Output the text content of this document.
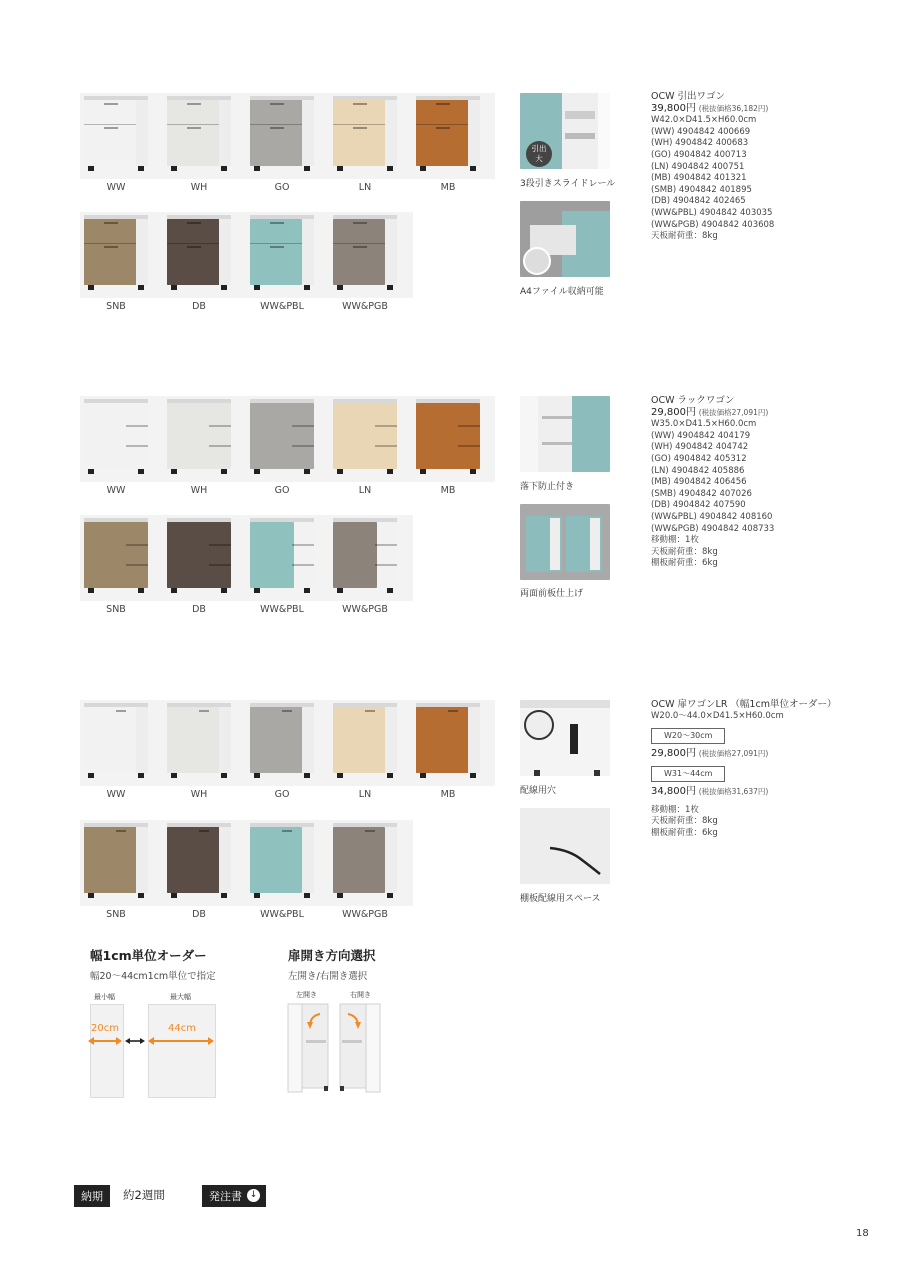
引出
大
3段引きスライドレール
A4ファイル収納可能
OCW 引出ワゴン
39,800円 (税抜価格36,182円)
W42.0×D41.5×H60.0cm
(WW) 4904842 400669
(WH) 4904842 400683
(GO) 4904842 400713
(LN) 4904842 400751
(MB) 4904842 401321
(SMB) 4904842 401895
(DB) 4904842 402465
(WW&PBL) 4904842 403035
(WW&PGB) 4904842 403608
天板耐荷重：8kg
落下防止付き
両面前板仕上げ
OCW ラックワゴン
29,800円 (税抜価格27,091円)
W35.0×D41.5×H60.0cm
(WW) 4904842 404179
(WH) 4904842 404742
(GO) 4904842 405312
(LN) 4904842 405886
(MB) 4904842 406456
(SMB) 4904842 407026
(DB) 4904842 407590
(WW&PBL) 4904842 408160
(WW&PGB) 4904842 408733
移動棚：1枚
天板耐荷重：8kg
棚板耐荷重：6kg
配線用穴
棚板配線用スペース
OCW 扉ワゴンLR （幅1cm単位オーダー）
W20.0〜44.0×D41.5×H60.0cm
W20〜30cm
29,800円 (税抜価格27,091円)
W31〜44cm
34,800円 (税抜価格31,637円)
移動棚：1枚
天板耐荷重：8kg
棚板耐荷重：6kg
幅1cm単位オーダー
幅20〜44cm1cm単位で指定
最小幅	最大幅
20cm	44cm
扉開き方向選択
左開き/右開き選択
左開き	右開き
納期	約2週間	発注書 ↓
18
WW	WH	GO	LN	MB
SNB	DB	WW&PBL	WW&PGB
WW	WH	GO	LN	MB
SNB	DB	WW&PBL	WW&PGB
WW	WH	GO	LN	MB
SNB	DB	WW&PBL	WW&PGB
